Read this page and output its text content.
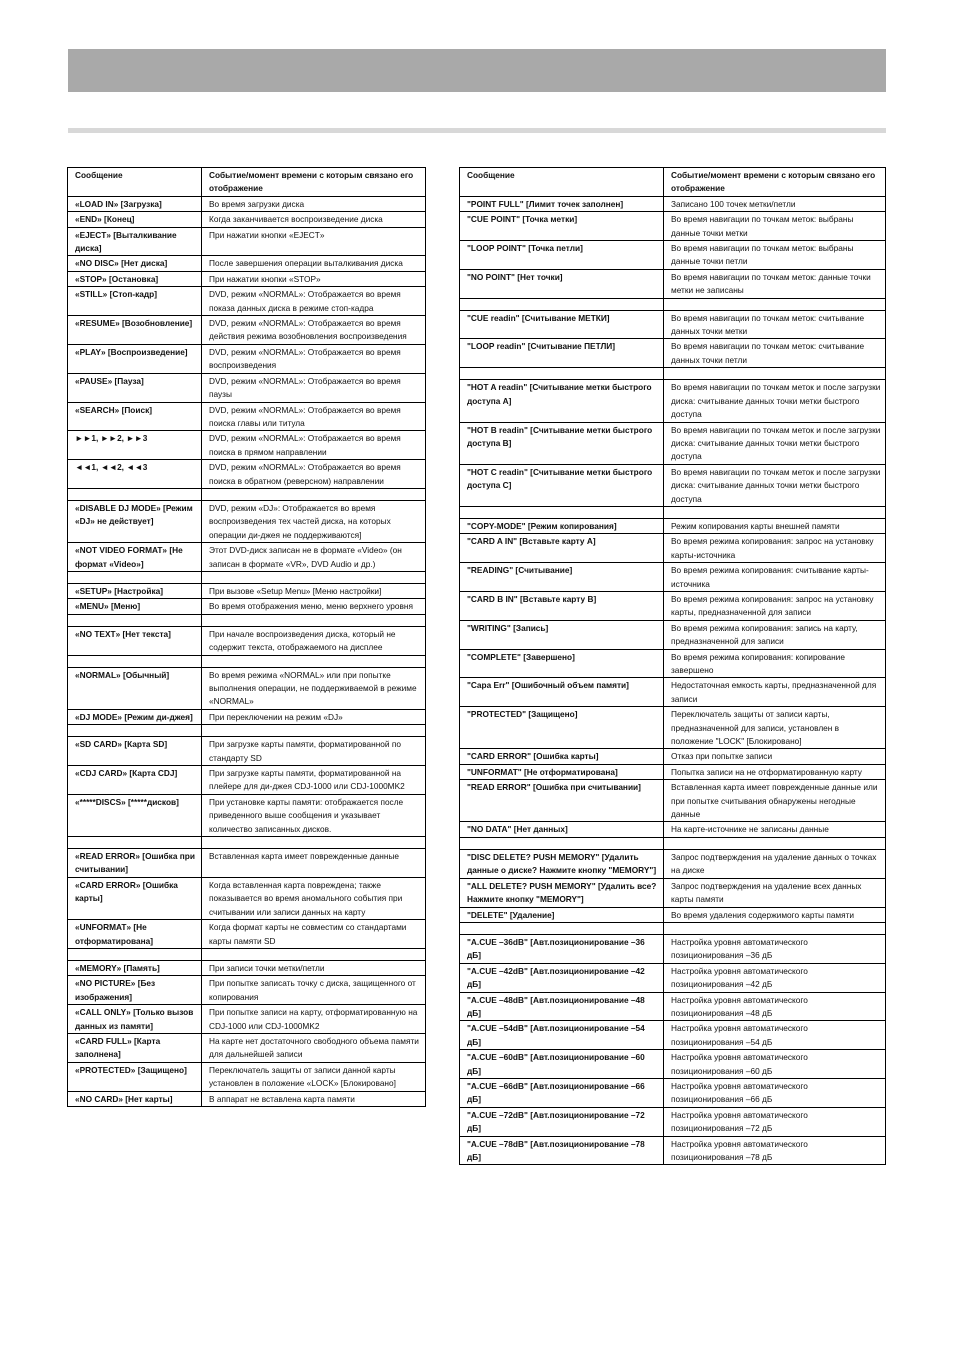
Сообщение	Событие/момент времени с которым связано его отображение
«LOAD IN» [Загрузка]	Во время загрузки диска
«END» [Конец]	Когда заканчивается воспроизведение диска
«EJECT» [Выталкивание диска]	При нажатии кнопки «EJECT»
«NO DISC» [Нет диска]	После завершения операции выталкивания диска
«STOP» [Остановка]	При нажатии кнопки «STOP»
«STILL» [Стоп-кадр]	DVD, режим «NORMAL»: Отображается во время показа данных диска в режиме стоп-кадра
«RESUME» [Возобновление]	DVD, режим «NORMAL»: Отображается во время действия режима возобновления воспроизведения
«PLAY» [Воспроизведение]	DVD, режим «NORMAL»: Отображается во время воспроизведения
«PAUSE» [Пауза]	DVD, режим «NORMAL»: Отображается во время паузы
«SEARCH» [Поиск]	DVD, режим «NORMAL»: Отображается во время поиска главы или титула
►►1, ►►2, ►►3	DVD, режим «NORMAL»: Отображается во время поиска в прямом направлении
◄◄1, ◄◄2, ◄◄3	DVD, режим «NORMAL»: Отображается во время поиска в обратном (реверсном) направлении

«DISABLE DJ MODE» [Режим «DJ» не действует]	DVD, режим «DJ»: Отображается во время воспроизведения тех частей диска, на которых операции ди-джея не поддерживаются]
«NOT VIDEO FORMAT» [Не формат «Video»]	Этот DVD-диск записан не в формате «Video» (он записан в формате «VR», DVD Audio и др.)

«SETUP» [Настройка]	При вызове «Setup Menu» [Меню настройки]
«MENU» [Меню]	Во время отображения меню, меню верхнего уровня

«NO TEXT» [Нет текста]	При начале воспроизведения диска, который не содержит текста, отображаемого на дисплее

«NORMAL» [Обычный]	Во время режима «NORMAL» или при попытке выполнения операции, не поддерживаемой в режиме «NORMAL»
«DJ MODE» [Режим ди-джея]	При переключении на режим «DJ»

«SD CARD» [Карта SD]	При загрузке карты памяти, форматированной по стандарту SD
«CDJ CARD» [Карта CDJ]	При загрузке карты памяти, форматированной на плейере для ди-джея CDJ-1000 или CDJ-1000MK2
«*****DISCS» [*****дисков]	При установке карты памяти: отображается после приведенного выше сообщения и указывает количество записанных дисков.

«READ ERROR» [Ошибка при считывании]	Вставленная карта имеет поврежденные данные
«CARD ERROR» [Ошибка карты]	Когда вставленная карта повреждена; также показывается во время аномального события при считывании или записи данных на карту
«UNFORMAT» [Не отформатирована]	Когда формат карты не совместим со стандартами карты памяти SD

«MEMORY» [Память]	При записи точки метки/петли
«NO PICTURE» [Без изображения]	При попытке записать точку с диска, защищенного от копирования
«CALL ONLY» [Только вызов данных из памяти]	При попытке записи на карту, отформатированную на CDJ-1000 или CDJ-1000MK2
«CARD FULL» [Карта заполнена]	На карте нет достаточного свободного объема памяти для дальнейшей записи
«PROTECTED» [Защищено]	Переключатель защиты от записи данной карты установлен в положение «LOCK» [Блокировано]
«NO CARD» [Нет карты]	В аппарат не вставлена карта памяти
Сообщение	Событие/момент времени с которым связано его отображение
"POINT FULL" [Лимит точек заполнен]	Записано 100 точек метки/петли
"CUE POINT" [Точка метки]	Во время навигации по точкам меток: выбраны данные точки метки
"LOOP POINT" [Точка петли]	Во время навигации по точкам меток: выбраны данные точки петли
"NO POINT" [Нет точки]	Во время навигации по точкам меток: данные точки метки не записаны

"CUE readin" [Считывание МЕТКИ]	Во время навигации по точкам меток: считывание данных точки метки
"LOOP readin" [Считывание ПЕТЛИ]	Во время навигации по точкам меток: считывание данных точки петли

"HOT A readin" [Считывание метки быстрого доступа A]	Во время навигации по точкам меток и после загрузки диска: считывание данных точки метки быстрого доступа
"HOT B readin" [Считывание метки быстрого доступа B]	Во время навигации по точкам меток и после загрузки диска: считывание данных точки метки быстрого доступа
"HOT C readin" [Считывание метки быстрого доступа C]	Во время навигации по точкам меток и после загрузки диска: считывание данных точки метки быстрого доступа

"COPY-MODE" [Режим копирования]	Режим копирования карты внешней памяти
"CARD A IN" [Вставьте карту A]	Во время режима копирования: запрос на установку карты-источника
"READING" [Считывание]	Во время режима копирования: считывание карты-источника
"CARD B IN" [Вставьте карту B]	Во время режима копирования: запрос на установку карты, предназначенной для записи
"WRITING" [Запись]	Во время режима копирования: запись на карту, предназначенной для записи
"COMPLETE" [Завершено]	Во время режима копирования: копирование завершено
"Capa Err" [Ошибочный объем памяти]	Недостаточная емкость карты, предназначенной для записи
"PROTECTED" [Защищено]	Переключатель защиты от записи карты, предназначенной для записи, установлен в положение "LOCK" [Блокировано]
"CARD ERROR" [Ошибка карты]	Отказ при попытке записи
"UNFORMAT" [Не отформатирована]	Попытка записи на не отформатированную карту
"READ ERROR" [Ошибка при считывании]	Вставленная карта имеет поврежденные данные или при попытке считывания обнаружены негодные данные
"NO DATA" [Нет данных]	На карте-источнике не записаны данные

"DISC DELETE? PUSH MEMORY" [Удалить данные о диске? Нажмите кнопку "MEMORY"]	Запрос подтверждения на удаление данных о точках на диске
"ALL DELETE? PUSH MEMORY" [Удалить все? Нажмите кнопку "MEMORY"]	Запрос подтверждения на удаление всех данных карты памяти
"DELETE" [Удаление]	Во время удаления содержимого карты памяти

"A.CUE –36dB" [Авт.позиционирование –36 дБ]	Настройка уровня автоматического позиционирования –36 дБ
"A.CUE –42dB" [Авт.позиционирование –42 дБ]	Настройка уровня автоматического позиционирования –42 дБ
"A.CUE –48dB" [Авт.позиционирование –48 дБ]	Настройка уровня автоматического позиционирования –48 дБ
"A.CUE –54dB" [Авт.позиционирование –54 дБ]	Настройка уровня автоматического позиционирования –54 дБ
"A.CUE –60dB" [Авт.позиционирование –60 дБ]	Настройка уровня автоматического позиционирования –60 дБ
"A.CUE –66dB" [Авт.позиционирование –66 дБ]	Настройка уровня автоматического позиционирования –66 дБ
"A.CUE –72dB" [Авт.позиционирование –72 дБ]	Настройка уровня автоматического позиционирования –72 дБ
"A.CUE –78dB" [Авт.позиционирование –78 дБ]	Настройка уровня автоматического позиционирования –78 дБ
